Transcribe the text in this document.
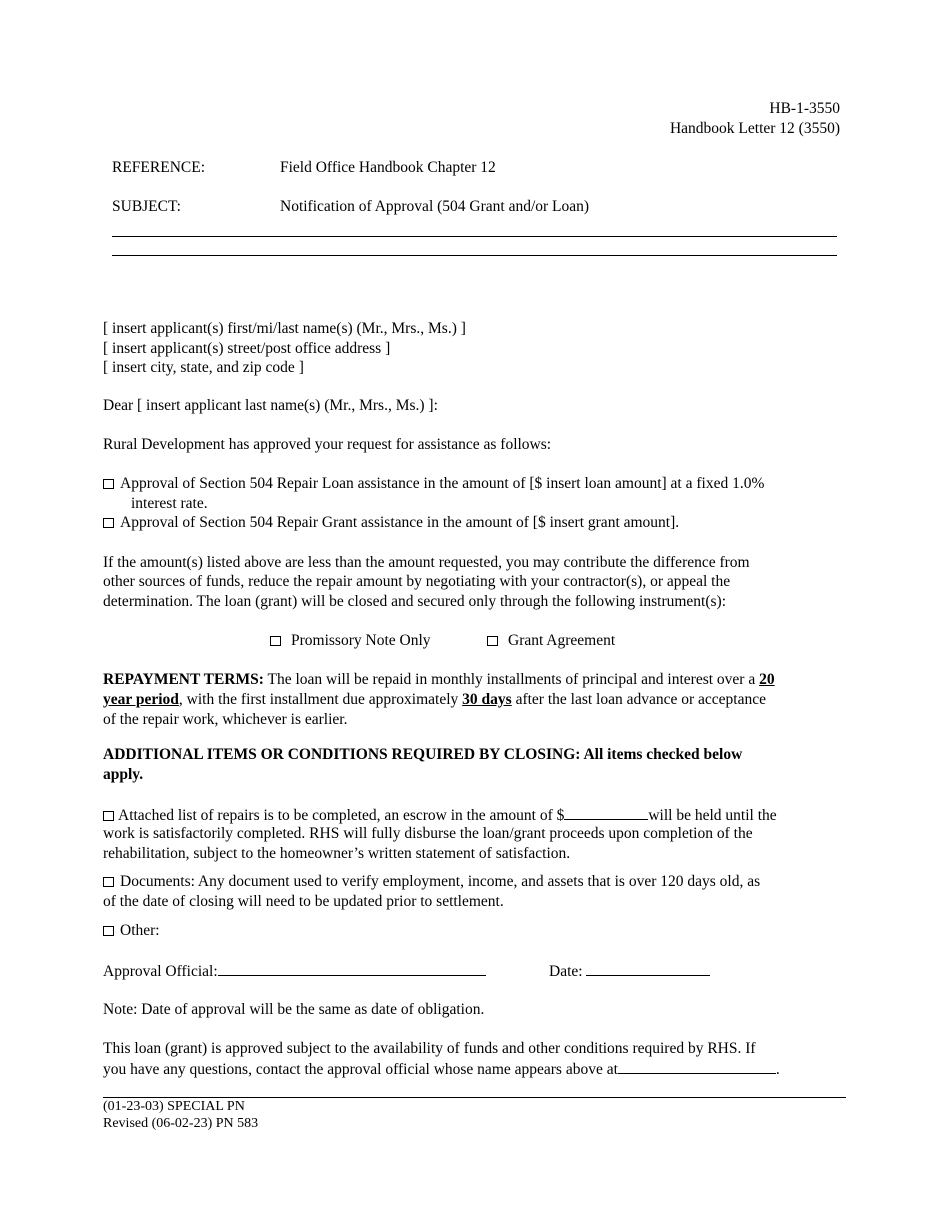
HB-1-3550
Handbook Letter 12 (3550)
REFERENCE:	Field Office Handbook Chapter 12
SUBJECT:	Notification of Approval (504 Grant and/or Loan)
[ insert applicant(s) first/mi/last name(s) (Mr., Mrs., Ms.) ]
[ insert applicant(s) street/post office address ]
[ insert city, state, and zip code ]
Dear [ insert applicant last name(s) (Mr., Mrs., Ms.) ]:
Rural Development has approved your request for assistance as follows:
Approval of Section 504 Repair Loan assistance in the amount of [$ insert loan amount] at a fixed 1.0%
interest rate.
Approval of Section 504 Repair Grant assistance in the amount of [$ insert grant amount].
If the amount(s) listed above are less than the amount requested, you may contribute the difference from
other sources of funds, reduce the repair amount by negotiating with your contractor(s), or appeal the
determination. The loan (grant) will be closed and secured only through the following instrument(s):
Promissory Note Only	Grant Agreement
REPAYMENT TERMS: The loan will be repaid in monthly installments of principal and interest over a 20
year period, with the first installment due approximately 30 days after the last loan advance or acceptance
of the repair work, whichever is earlier.
ADDITIONAL ITEMS OR CONDITIONS REQUIRED BY CLOSING: All items checked below
apply.
Attached list of repairs is to be completed, an escrow in the amount of $	will be held until the
work is satisfactorily completed. RHS will fully disburse the loan/grant proceeds upon completion of the
rehabilitation, subject to the homeowner’s written statement of satisfaction.
Documents: Any document used to verify employment, income, and assets that is over 120 days old, as
of the date of closing will need to be updated prior to settlement.
Other:
Approval Official:	Date:
Note: Date of approval will be the same as date of obligation.
This loan (grant) is approved subject to the availability of funds and other conditions required by RHS. If
you have any questions, contact the approval official whose name appears above at	.
(01-23-03) SPECIAL PN
Revised (06-02-23) PN 583
